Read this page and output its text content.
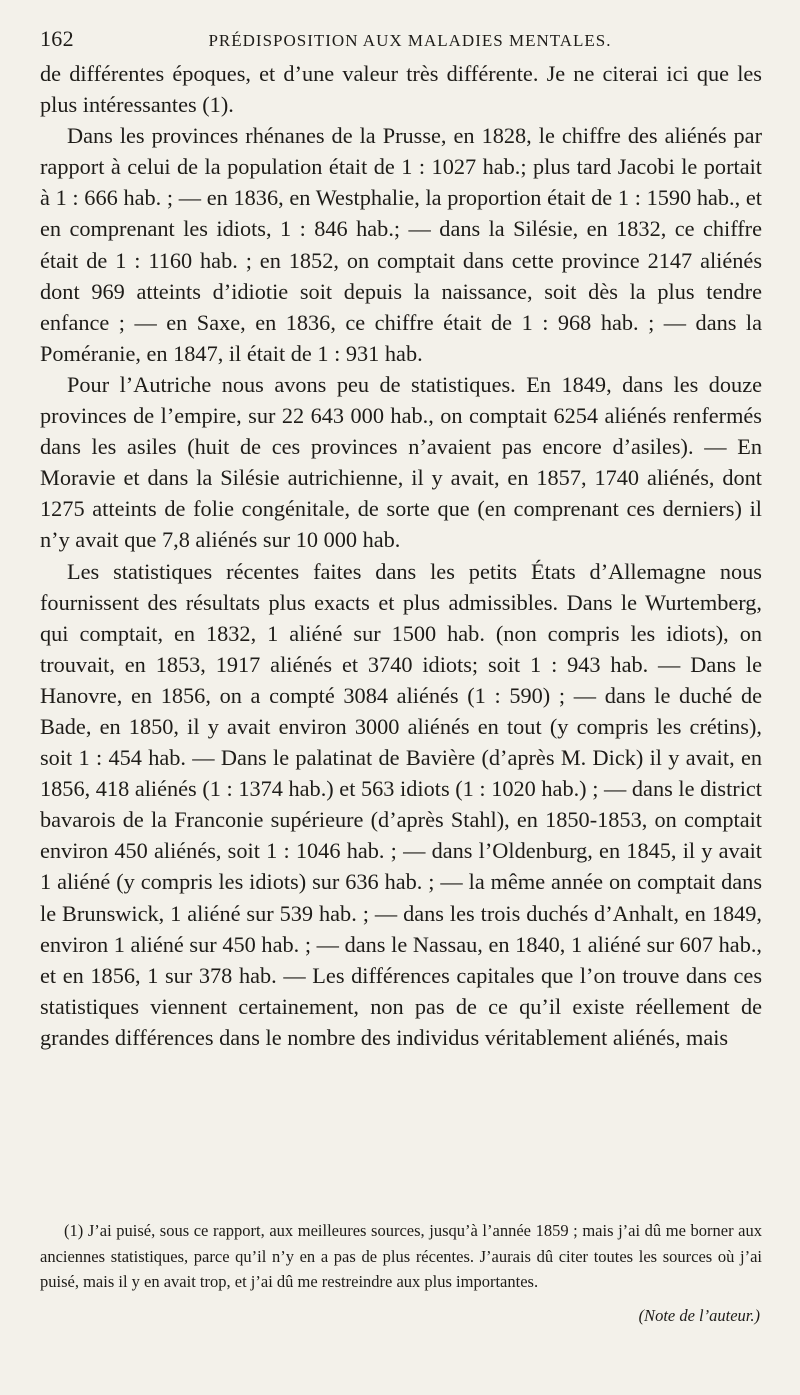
162	PRÉDISPOSITION AUX MALADIES MENTALES.

de différentes époques, et d’une valeur très différente. Je ne citerai ici que les plus intéressantes (1).

Dans les provinces rhénanes de la Prusse, en 1828, le chiffre des aliénés par rapport à celui de la population était de 1 : 1027 hab.; plus tard Jacobi le portait à 1 : 666 hab. ; — en 1836, en Westphalie, la proportion était de 1 : 1590 hab., et en comprenant les idiots, 1 : 846 hab.; — dans la Silésie, en 1832, ce chiffre était de 1 : 1160 hab. ; en 1852, on comptait dans cette province 2147 aliénés dont 969 atteints d’idiotie soit depuis la naissance, soit dès la plus tendre enfance ; — en Saxe, en 1836, ce chiffre était de 1 : 968 hab. ; — dans la Poméranie, en 1847, il était de 1 : 931 hab.

Pour l’Autriche nous avons peu de statistiques. En 1849, dans les douze provinces de l’empire, sur 22 643 000 hab., on comptait 6254 aliénés renfermés dans les asiles (huit de ces provinces n’avaient pas encore d’asiles). — En Moravie et dans la Silésie autrichienne, il y avait, en 1857, 1740 aliénés, dont 1275 atteints de folie congénitale, de sorte que (en comprenant ces derniers) il n’y avait que 7,8 aliénés sur 10 000 hab.

Les statistiques récentes faites dans les petits États d’Allemagne nous fournissent des résultats plus exacts et plus admissibles. Dans le Wurtemberg, qui comptait, en 1832, 1 aliéné sur 1500 hab. (non compris les idiots), on trouvait, en 1853, 1917 aliénés et 3740 idiots; soit 1 : 943 hab. — Dans le Hanovre, en 1856, on a compté 3084 aliénés (1 : 590) ; — dans le duché de Bade, en 1850, il y avait environ 3000 aliénés en tout (y compris les crétins), soit 1 : 454 hab. — Dans le palatinat de Bavière (d’après M. Dick) il y avait, en 1856, 418 aliénés (1 : 1374 hab.) et 563 idiots (1 : 1020 hab.) ; — dans le district bavarois de la Franconie supérieure (d’après Stahl), en 1850-1853, on comptait environ 450 aliénés, soit 1 : 1046 hab. ; — dans l’Oldenburg, en 1845, il y avait 1 aliéné (y compris les idiots) sur 636 hab. ; — la même année on comptait dans le Brunswick, 1 aliéné sur 539 hab. ; — dans les trois duchés d’Anhalt, en 1849, environ 1 aliéné sur 450 hab. ; — dans le Nassau, en 1840, 1 aliéné sur 607 hab., et en 1856, 1 sur 378 hab. — Les différences capitales que l’on trouve dans ces statistiques viennent certainement, non pas de ce qu’il existe réellement de grandes différences dans le nombre des individus véritablement aliénés, mais

(1) J’ai puisé, sous ce rapport, aux meilleures sources, jusqu’à l’année 1859 ; mais j’ai dû me borner aux anciennes statistiques, parce qu’il n’y en a pas de plus récentes. J’aurais dû citer toutes les sources où j’ai puisé, mais il y en avait trop, et j’ai dû me restreindre aux plus importantes.

(Note de l’auteur.)
